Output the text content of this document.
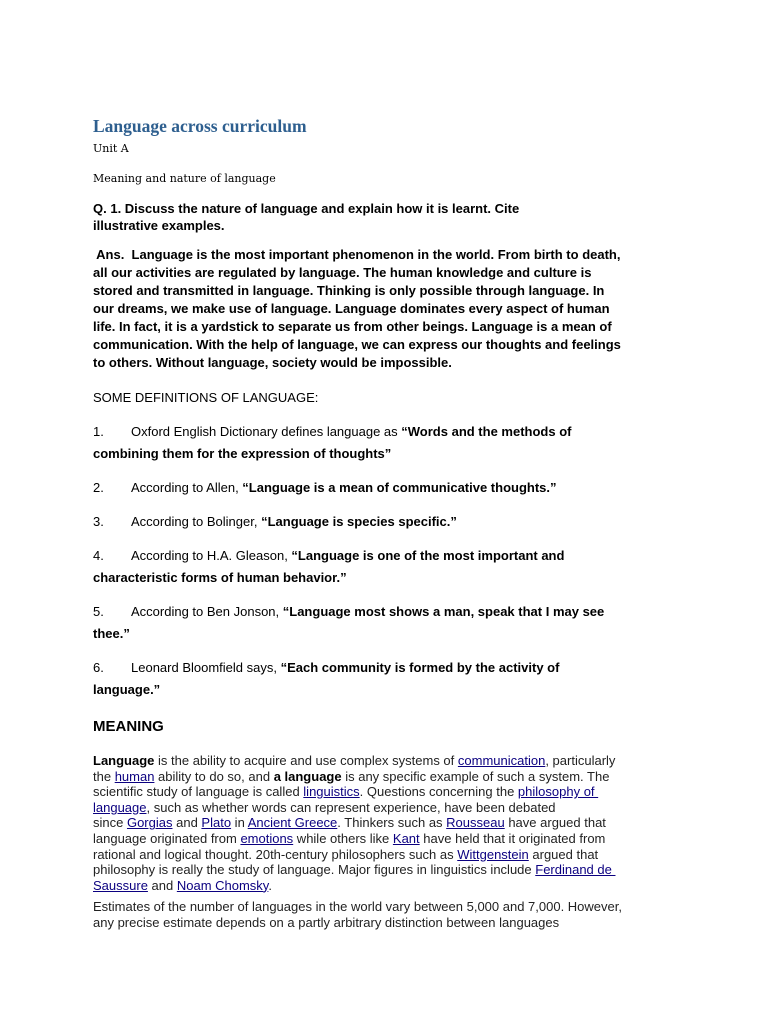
Language across curriculum
Unit A
Meaning and nature of language
Q. 1. Discuss the nature of language and explain how it is learnt. Cite
illustrative examples.
Ans.  Language is the most important phenomenon in the world. From birth to death,
all our activities are regulated by language. The human knowledge and culture is
stored and transmitted in language. Thinking is only possible through language. In
our dreams, we make use of language. Language dominates every aspect of human
life. In fact, it is a yardstick to separate us from other beings. Language is a mean of
communication. With the help of language, we can express our thoughts and feelings
to others. Without language, society would be impossible.
SOME DEFINITIONS OF LANGUAGE:
1. Oxford English Dictionary defines language as “Words and the methods of
combining them for the expression of thoughts”
2. According to Allen, “Language is a mean of communicative thoughts.”
3. According to Bolinger, “Language is species specific.”
4. According to H.A. Gleason, “Language is one of the most important and
characteristic forms of human behavior.”
5. According to Ben Jonson, “Language most shows a man, speak that I may see
thee.”
6. Leonard Bloomfield says, “Each community is formed by the activity of
language.”
MEANING
Language is the ability to acquire and use complex systems of communication, particularly
the human ability to do so, and a language is any specific example of such a system. The
scientific study of language is called linguistics. Questions concerning the philosophy of
language, such as whether words can represent experience, have been debated
since Gorgias and Plato in Ancient Greece. Thinkers such as Rousseau have argued that
language originated from emotions while others like Kant have held that it originated from
rational and logical thought. 20th-century philosophers such as Wittgenstein argued that
philosophy is really the study of language. Major figures in linguistics include Ferdinand de
Saussure and Noam Chomsky.
Estimates of the number of languages in the world vary between 5,000 and 7,000. However,
any precise estimate depends on a partly arbitrary distinction between languages
